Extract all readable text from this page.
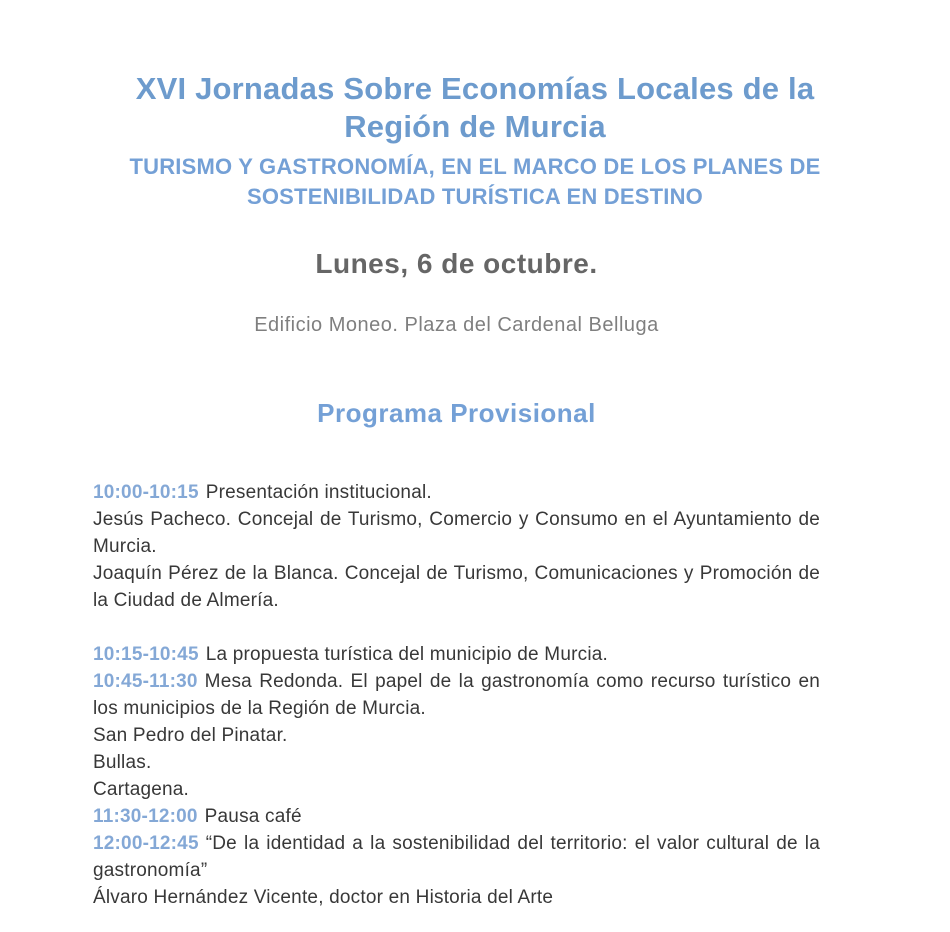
XVI Jornadas Sobre Economías Locales de la Región de Murcia
TURISMO Y GASTRONOMÍA, EN EL MARCO DE LOS PLANES DE SOSTENIBILIDAD TURÍSTICA EN DESTINO
Lunes, 6 de octubre.
Edificio Moneo. Plaza del Cardenal Belluga
Programa Provisional

10:00-10:15 Presentación institucional.

Jesús Pacheco. Concejal de Turismo, Comercio y Consumo en el Ayuntamiento de Murcia.

Joaquín Pérez de la Blanca. Concejal de Turismo, Comunicaciones y Promoción de la Ciudad de Almería.

10:15-10:45 La propuesta turística del municipio de Murcia.

10:45-11:30 Mesa Redonda. El papel de la gastronomía como recurso turístico en los municipios de la Región de Murcia.

San Pedro del Pinatar.

Bullas.

Cartagena.

11:30-12:00 Pausa café

12:00-12:45 “De la identidad a la sostenibilidad del territorio: el valor cultural de la gastronomía”

Álvaro Hernández Vicente, doctor en Historia del Arte
